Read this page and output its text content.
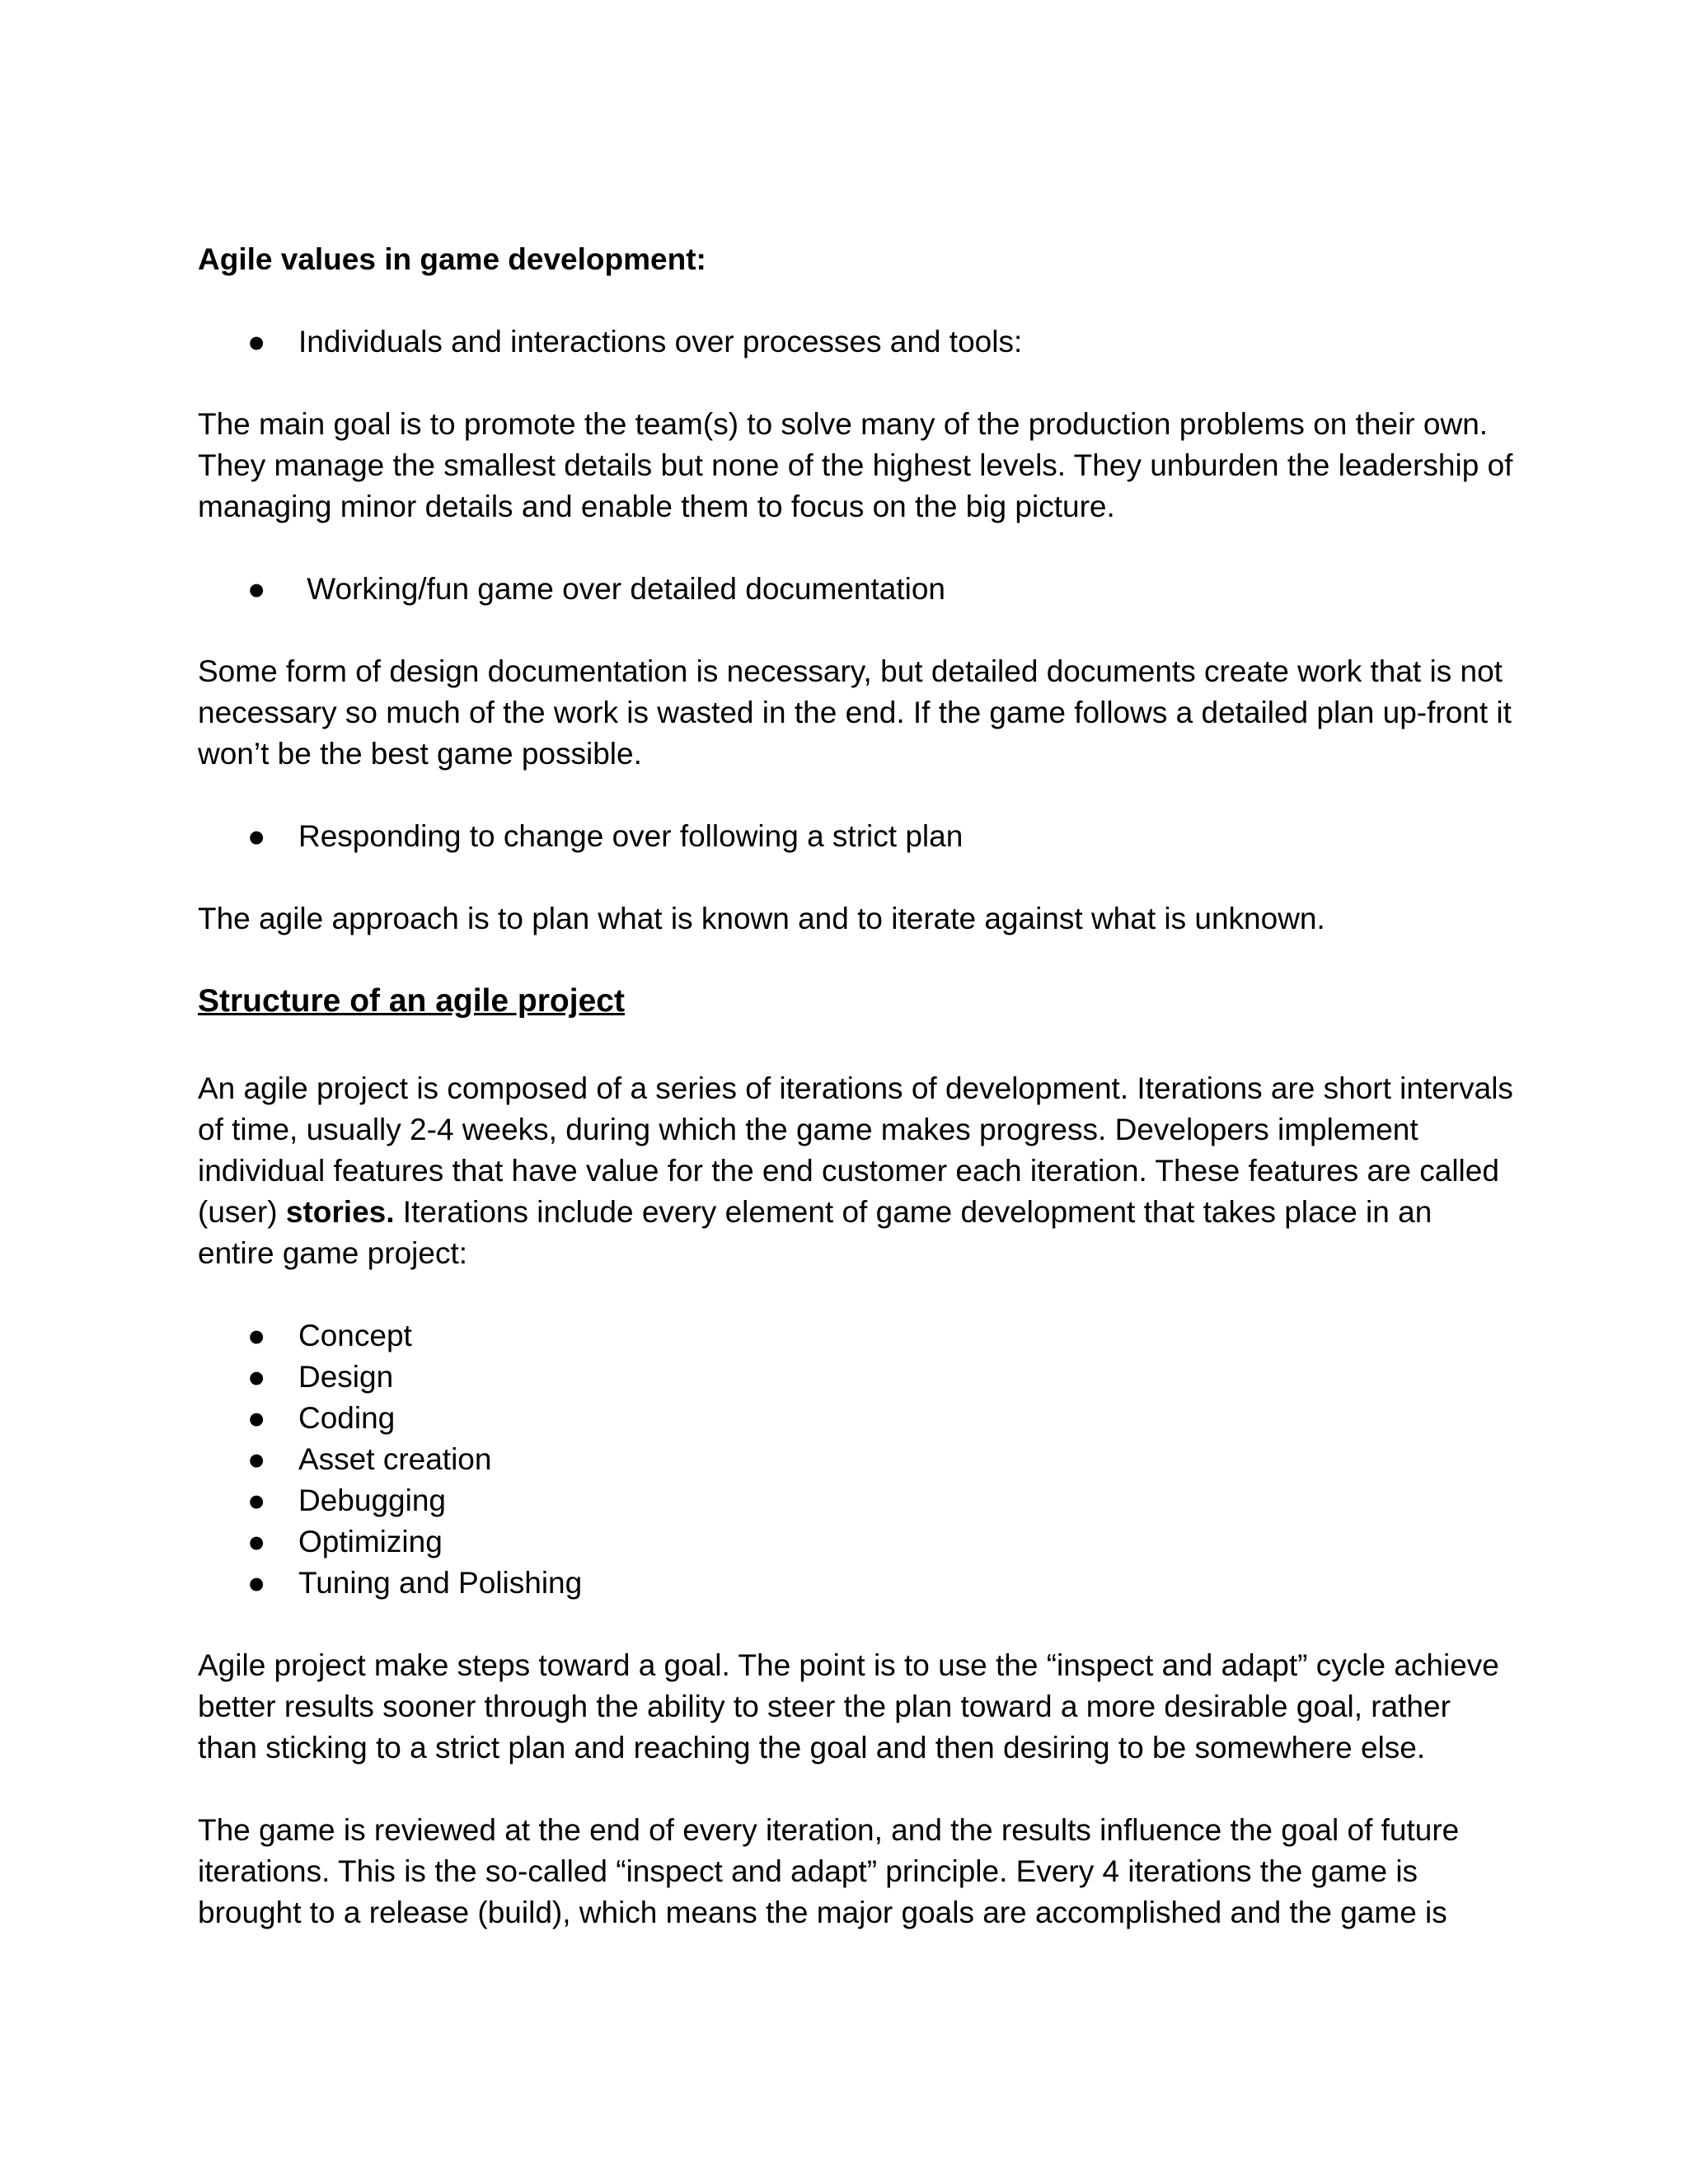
Agile values in game development:

● Individuals and interactions over processes and tools:

The main goal is to promote the team(s) to solve many of the production problems on their own. They manage the smallest details but none of the highest levels. They unburden the leadership of managing minor details and enable them to focus on the big picture.

● Working/fun game over detailed documentation

Some form of design documentation is necessary, but detailed documents create work that is not necessary so much of the work is wasted in the end. If the game follows a detailed plan up-front it won’t be the best game possible.

● Responding to change over following a strict plan

The agile approach is to plan what is known and to iterate against what is unknown.

Structure of an agile project

An agile project is composed of a series of iterations of development. Iterations are short intervals of time, usually 2-4 weeks, during which the game makes progress. Developers implement individual features that have value for the end customer each iteration. These features are called (user) stories. Iterations include every element of game development that takes place in an entire game project:

● Concept
● Design
● Coding
● Asset creation
● Debugging
● Optimizing
● Tuning and Polishing

Agile project make steps toward a goal. The point is to use the “inspect and adapt” cycle achieve better results sooner through the ability to steer the plan toward a more desirable goal, rather than sticking to a strict plan and reaching the goal and then desiring to be somewhere else.

The game is reviewed at the end of every iteration, and the results influence the goal of future iterations. This is the so-called “inspect and adapt” principle. Every 4 iterations the game is brought to a release (build), which means the major goals are accomplished and the game is
